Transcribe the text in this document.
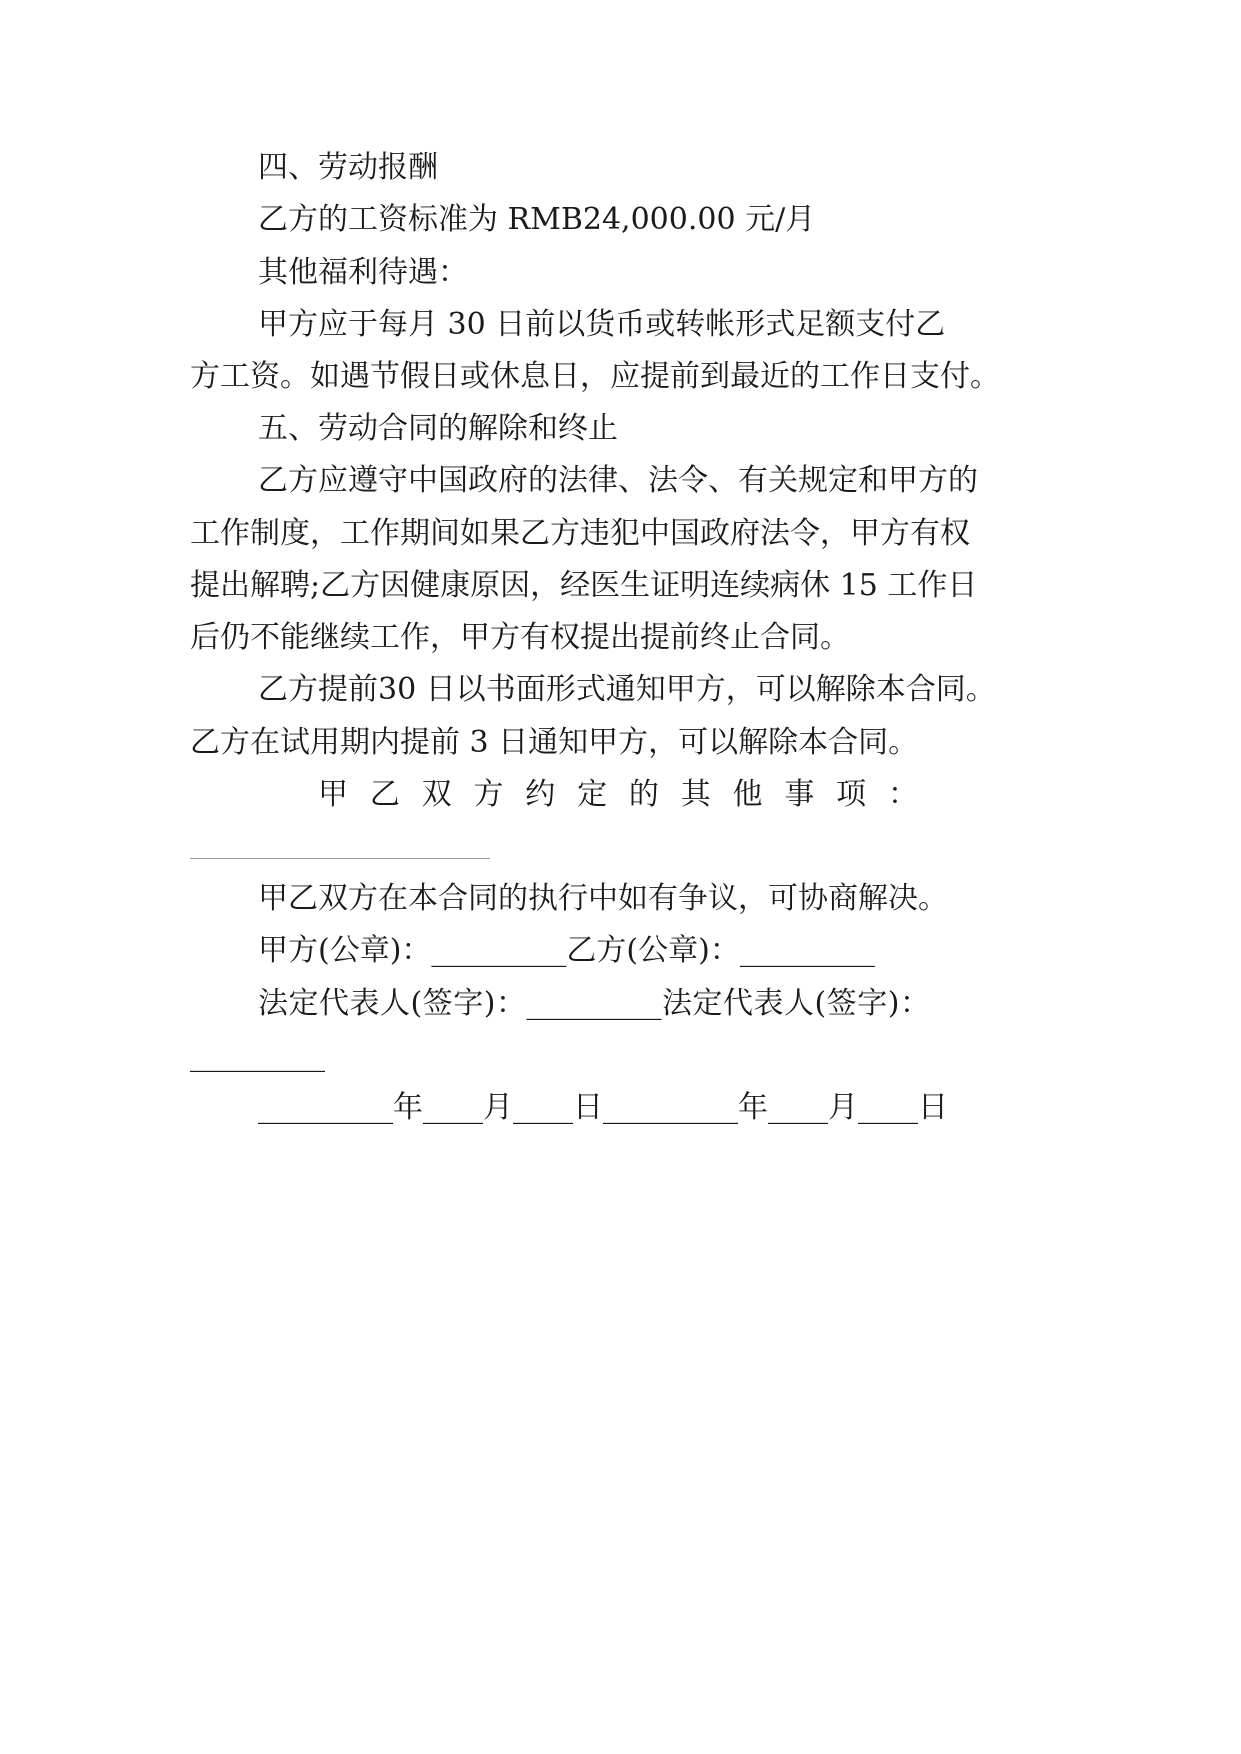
四、劳动报酬
乙方的工资标准为 RMB24,000.00 元/月
其他福利待遇：
甲方应于每月 30 日前以货币或转帐形式足额支付乙
方工资。如遇节假日或休息日，应提前到最近的工作日支付。
五、劳动合同的解除和终止
乙方应遵守中国政府的法律、法令、有关规定和甲方的
工作制度，工作期间如果乙方违犯中国政府法令，甲方有权
提出解聘;乙方因健康原因，经医生证明连续病休 15 工作日
后仍不能继续工作，甲方有权提出提前终止合同。
乙方提前30 日以书面形式通知甲方，可以解除本合同。
乙方在试用期内提前 3 日通知甲方，可以解除本合同。
甲乙双方约定的其他事项：
________________________________________
甲乙双方在本合同的执行中如有争议，可协商解决。
甲方(公章)：_________乙方(公章)：_________
法定代表人(签字)：_________法定代表人(签字)：
_________
_________年____月____日_________年____月____日
